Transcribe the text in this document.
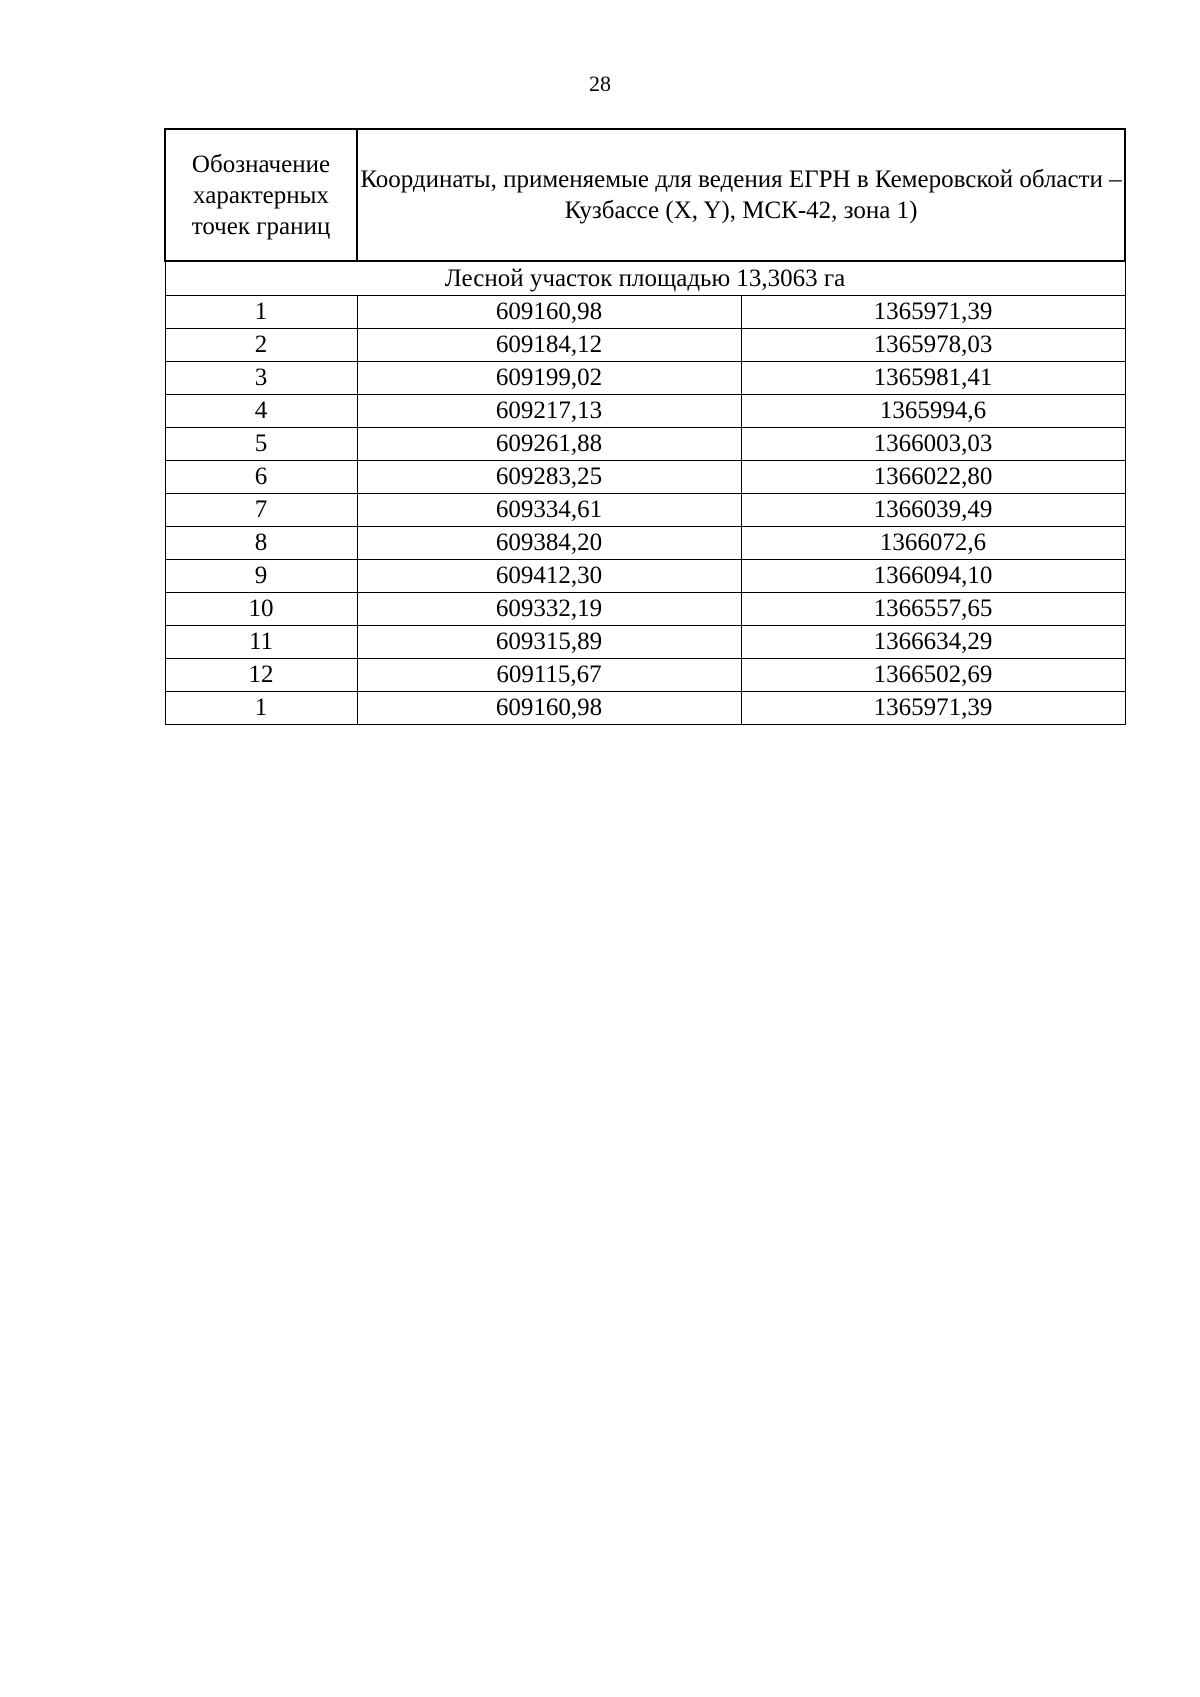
28
Обозначение характерных точек границ	Координаты, применяемые для ведения ЕГРН в Кемеровской области – Кузбассе (X, Y), МСК-42, зона 1)	
Лесной участок площадью 13,3063 га		
1	609160,98	1365971,39
2	609184,12	1365978,03
3	609199,02	1365981,41
4	609217,13	1365994,6
5	609261,88	1366003,03
6	609283,25	1366022,80
7	609334,61	1366039,49
8	609384,20	1366072,6
9	609412,30	1366094,10
10	609332,19	1366557,65
11	609315,89	1366634,29
12	609115,67	1366502,69
1	609160,98	1365971,39
